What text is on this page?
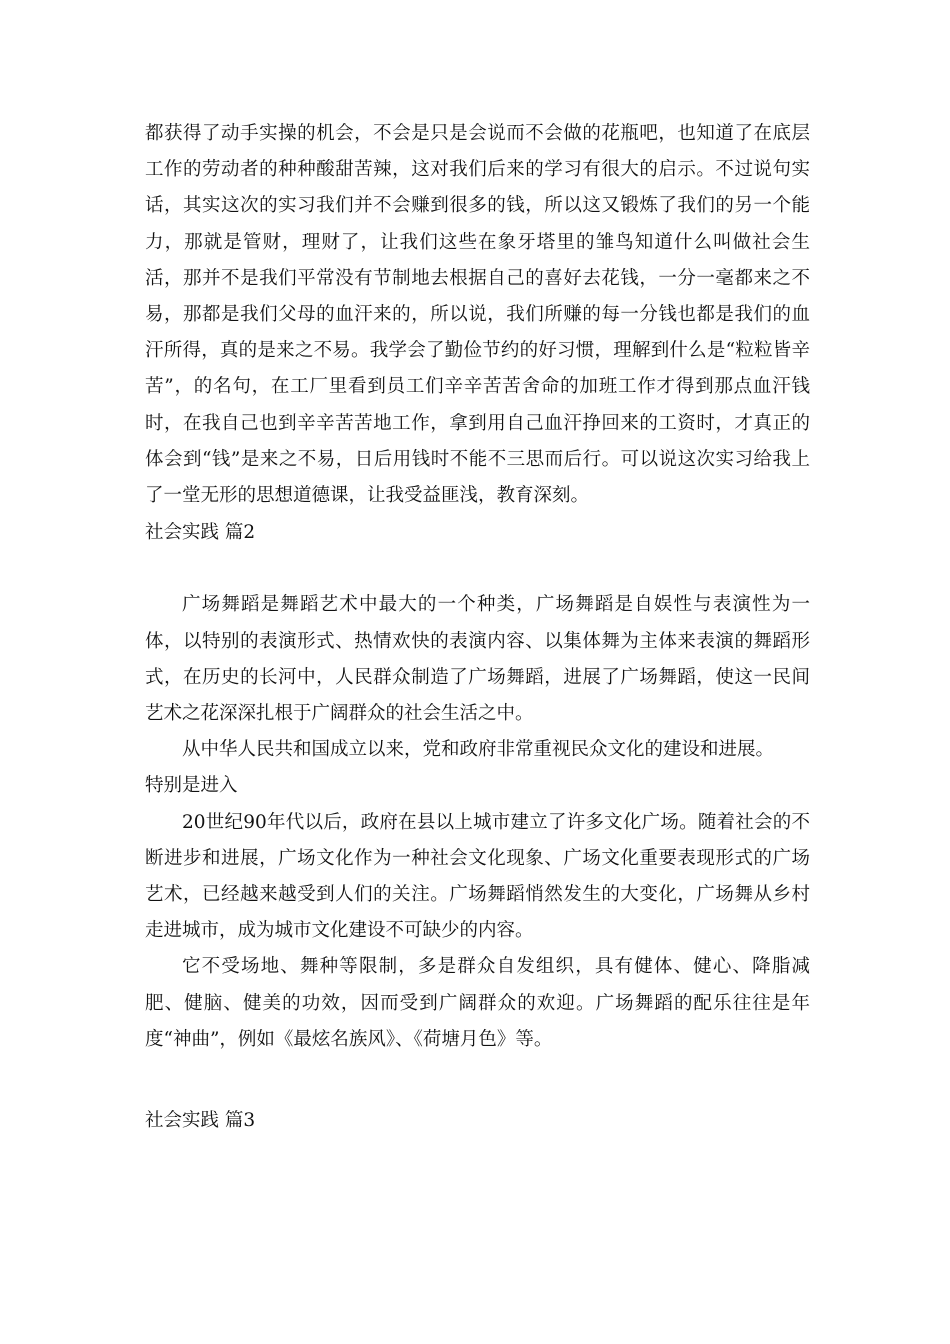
都获得了动手实操的机会，不会是只是会说而不会做的花瓶吧，也知道了在底层工作的劳动者的种种酸甜苦辣，这对我们后来的学习有很大的启示。不过说句实话，其实这次的实习我们并不会赚到很多的钱，所以这又锻炼了我们的另一个能力，那就是管财，理财了，让我们这些在象牙塔里的雏鸟知道什么叫做社会生活，那并不是我们平常没有节制地去根据自己的喜好去花钱，一分一毫都来之不易，那都是我们父母的血汗来的，所以说，我们所赚的每一分钱也都是我们的血汗所得，真的是来之不易。我学会了勤俭节约的好习惯，理解到什么是“粒粒皆辛苦”，的名句，在工厂里看到员工们辛辛苦苦舍命的加班工作才得到那点血汗钱时，在我自己也到辛辛苦苦地工作，拿到用自己血汗挣回来的工资时，才真正的体会到“钱”是来之不易，日后用钱时不能不三思而后行。可以说这次实习给我上了一堂无形的思想道德课，让我受益匪浅，教育深刻。

社会实践 篇2

广场舞蹈是舞蹈艺术中最大的一个种类，广场舞蹈是自娱性与表演性为一体，以特别的表演形式、热情欢快的表演内容、以集体舞为主体来表演的舞蹈形式，在历史的长河中，人民群众制造了广场舞蹈，进展了广场舞蹈，使这一民间艺术之花深深扎根于广阔群众的社会生活之中。

从中华人民共和国成立以来，党和政府非常重视民众文化的建设和进展。

特别是进入

20世纪90年代以后，政府在县以上城市建立了许多文化广场。随着社会的不断进步和进展，广场文化作为一种社会文化现象、广场文化重要表现形式的广场艺术，已经越来越受到人们的关注。广场舞蹈悄然发生的大变化，广场舞从乡村走进城市，成为城市文化建设不可缺少的内容。

它不受场地、舞种等限制，多是群众自发组织，具有健体、健心、降脂减肥、健脑、健美的功效，因而受到广阔群众的欢迎。广场舞蹈的配乐往往是年度“神曲”，例如《最炫名族风》、《荷塘月色》等。

社会实践 篇3
